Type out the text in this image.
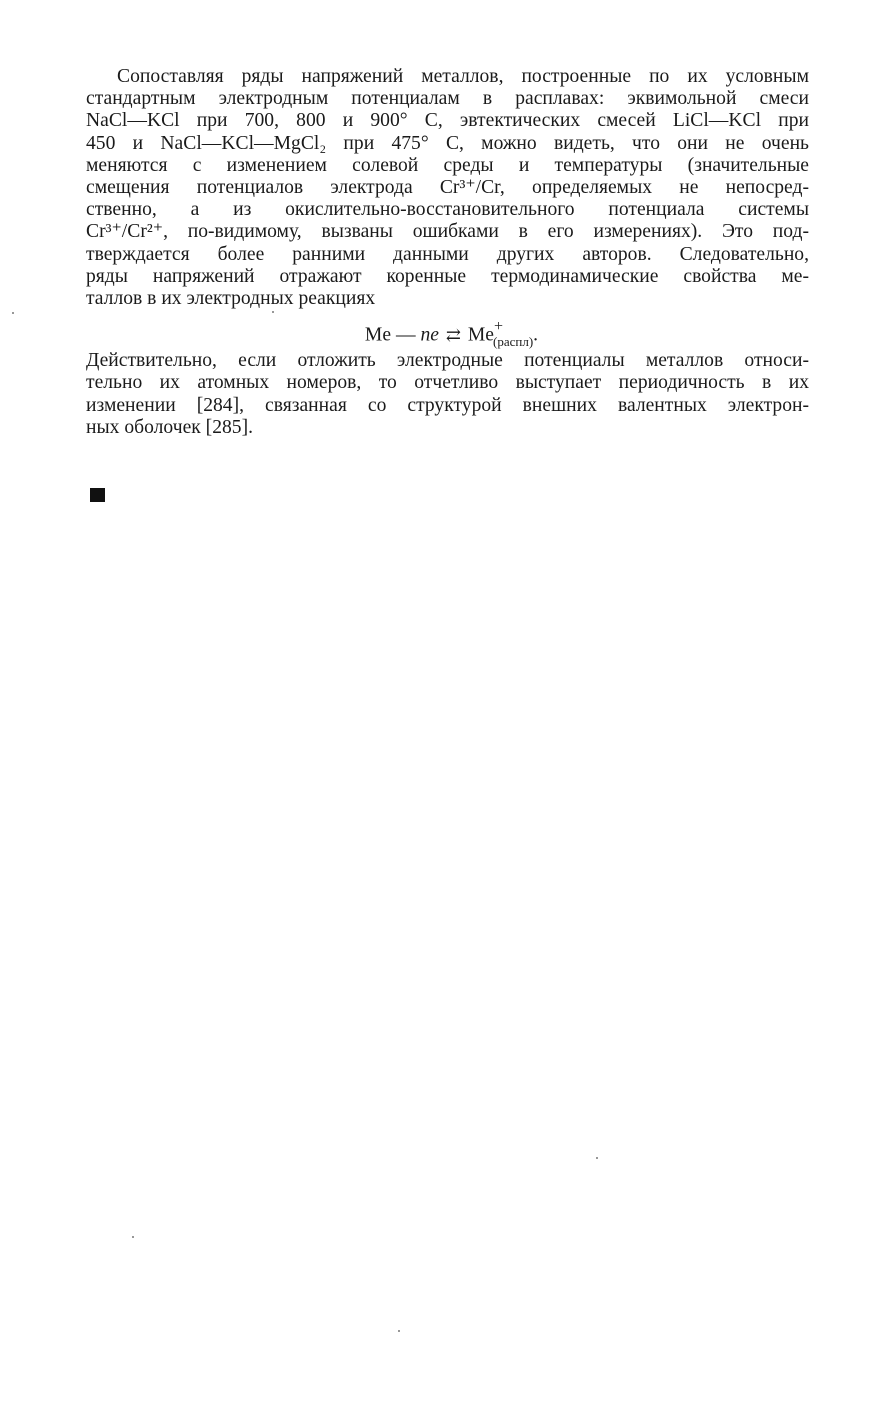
Сопоставляя ряды напряжений металлов, построенные по их условным
стандартным электродным потенциалам в расплавах: эквимольной смеси
NaCl—KCl при 700, 800 и 900° С, эвтектических смесей LiCl—KCl при
450 и NaCl—KCl—MgCl₂ при 475° С, можно видеть, что они не очень
меняются с изменением солевой среды и температуры (значительные
смещения потенциалов электрода Cr³⁺/Cr, определяемых не непосред-
ственно, а из окислительно-восстановительного потенциала системы
Cr³⁺/Cr²⁺, по-видимому, вызваны ошибками в его измерениях). Это под-
тверждается более ранними данными других авторов. Следовательно,
ряды напряжений отражают коренные термодинамические свойства ме-
таллов в их электродных реакциях

Me — ne ⇄ $Me^+_{(распл)}$.

Действительно, если отложить электродные потенциалы металлов относи-
тельно их атомных номеров, то отчетливо выступает периодичность в их
изменении [284], связанная со структурой внешних валентных электрон-
ных оболочек [285].
